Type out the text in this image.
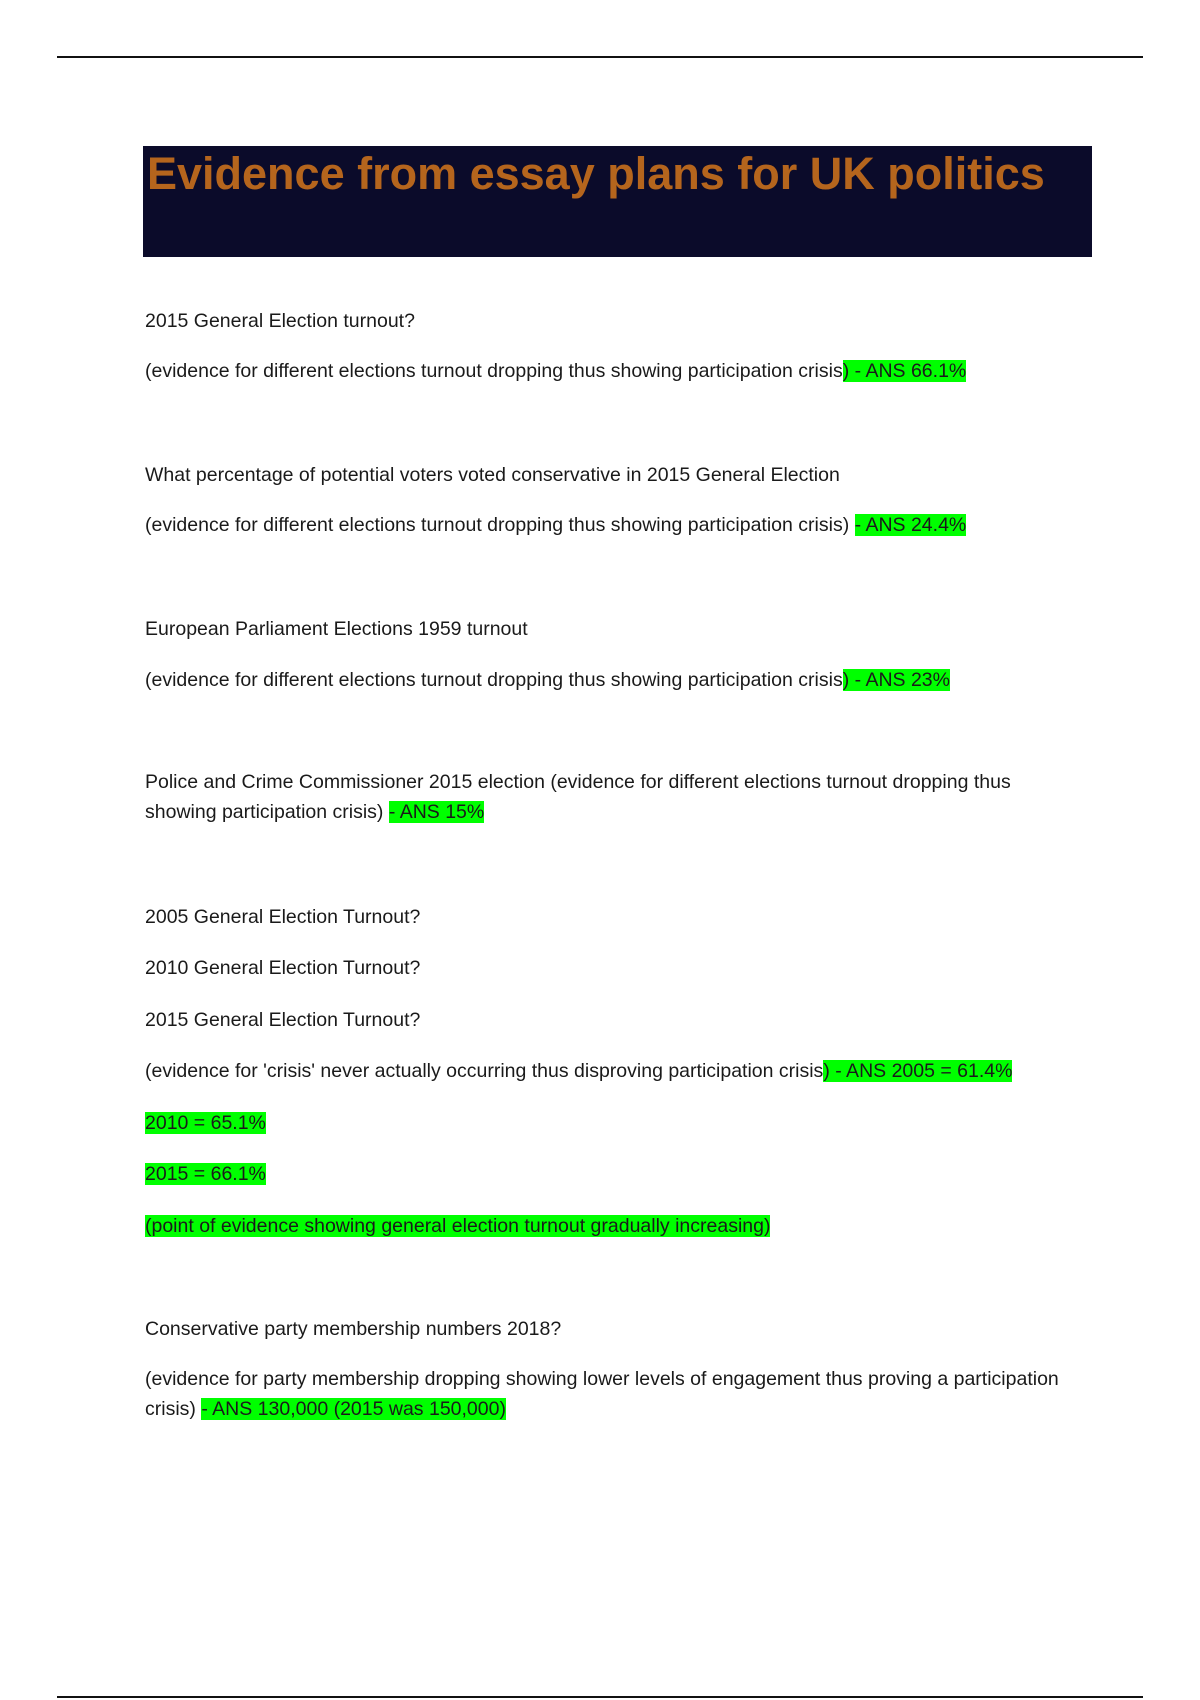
Evidence from essay plans for UK politics
2015 General Election turnout?
(evidence for different elections turnout dropping thus showing participation crisis) - ANS 66.1%
What percentage of potential voters voted conservative in 2015 General Election
(evidence for different elections turnout dropping thus showing participation crisis) - ANS 24.4%
European Parliament Elections 1959 turnout
(evidence for different elections turnout dropping thus showing participation crisis) - ANS 23%
Police and Crime Commissioner 2015 election (evidence for different elections turnout dropping thus showing participation crisis) - ANS 15%
2005 General Election Turnout?
2010 General Election Turnout?
2015 General Election Turnout?
(evidence for 'crisis' never actually occurring thus disproving participation crisis) - ANS 2005 = 61.4%
2010 = 65.1%
2015 = 66.1%
(point of evidence showing general election turnout gradually increasing)
Conservative party membership numbers 2018?
(evidence for party membership dropping showing lower levels of engagement thus proving a participation crisis) - ANS 130,000 (2015 was 150,000)
